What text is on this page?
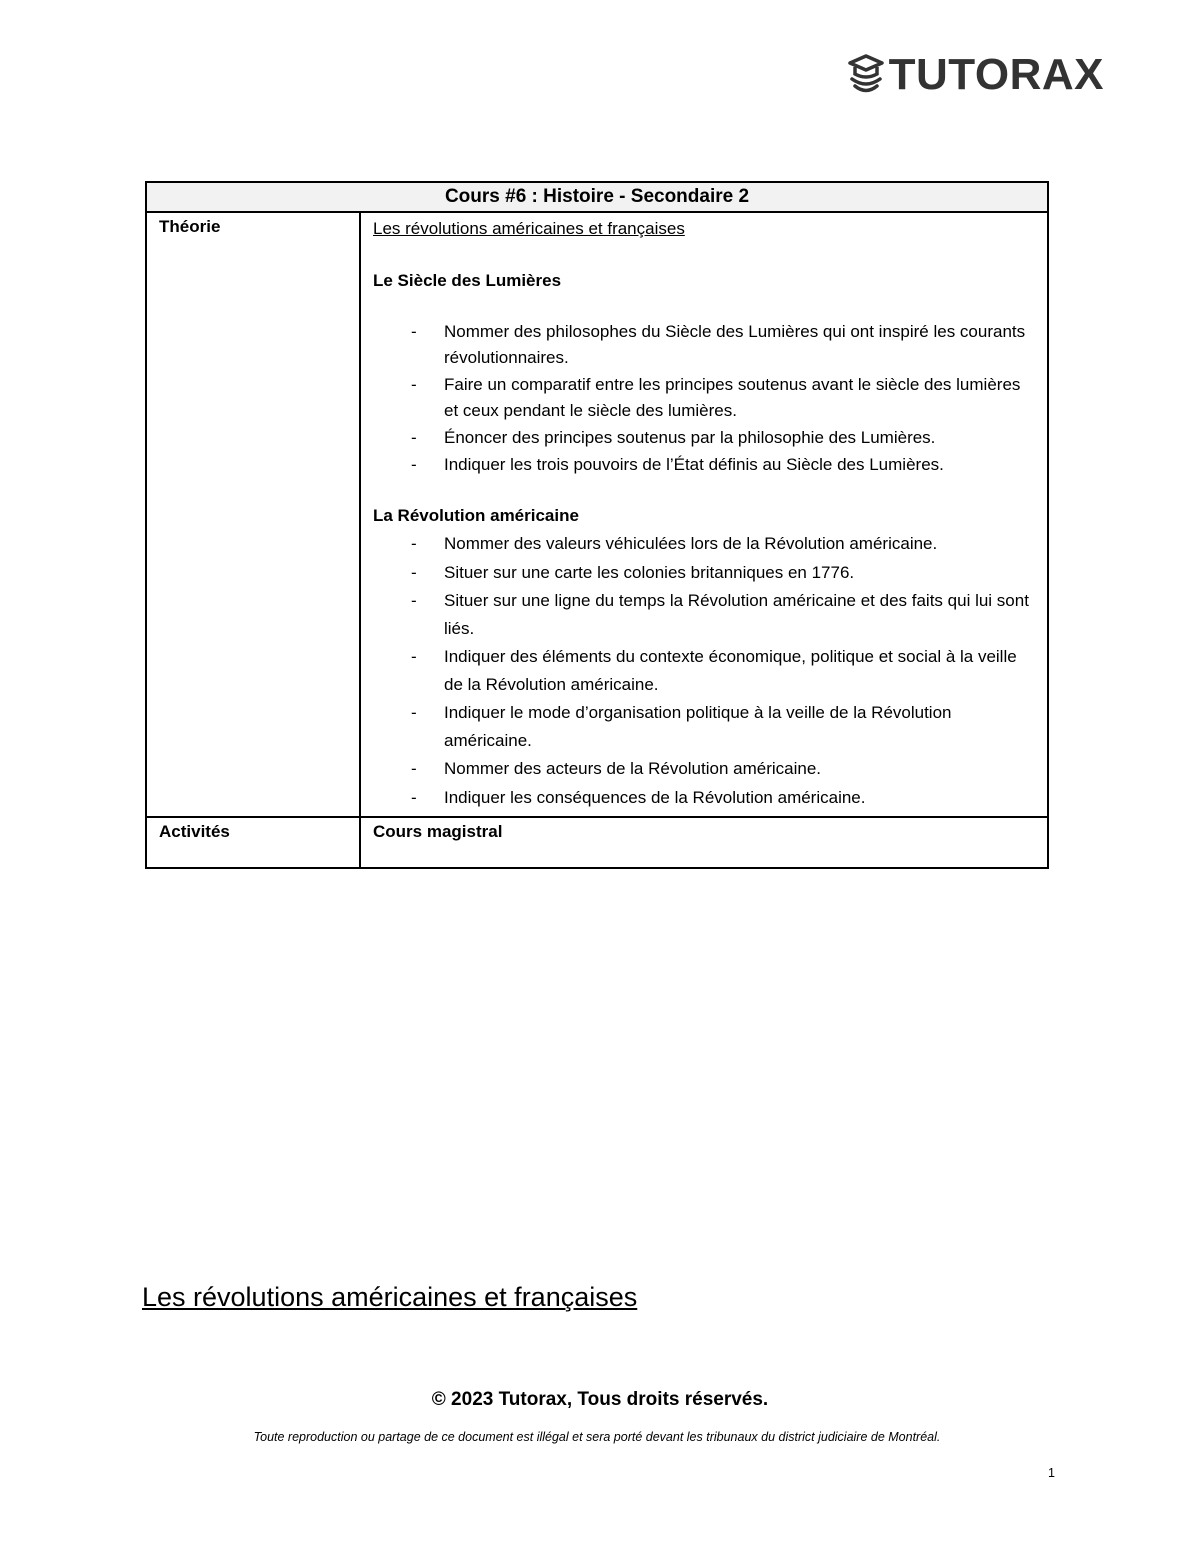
TUTORAX
Cours #6 : Histoire - Secondaire 2
Théorie	Les révolutions américaines et françaises
Le Siècle des Lumières
- Nommer des philosophes du Siècle des Lumières qui ont inspiré les courants révolutionnaires.
- Faire un comparatif entre les principes soutenus avant le siècle des lumières et ceux pendant le siècle des lumières.
- Énoncer des principes soutenus par la philosophie des Lumières.
- Indiquer les trois pouvoirs de l’État définis au Siècle des Lumières.
La Révolution américaine
- Nommer des valeurs véhiculées lors de la Révolution américaine.
- Situer sur une carte les colonies britanniques en 1776.
- Situer sur une ligne du temps la Révolution américaine et des faits qui lui sont liés.
- Indiquer des éléments du contexte économique, politique et social à la veille de la Révolution américaine.
- Indiquer le mode d’organisation politique à la veille de la Révolution américaine.
- Nommer des acteurs de la Révolution américaine.
- Indiquer les conséquences de la Révolution américaine.
Activités	Cours magistral
Les révolutions américaines et françaises
© 2023 Tutorax, Tous droits réservés.
Toute reproduction ou partage de ce document est illégal et sera porté devant les tribunaux du district judiciaire de Montréal.
1
